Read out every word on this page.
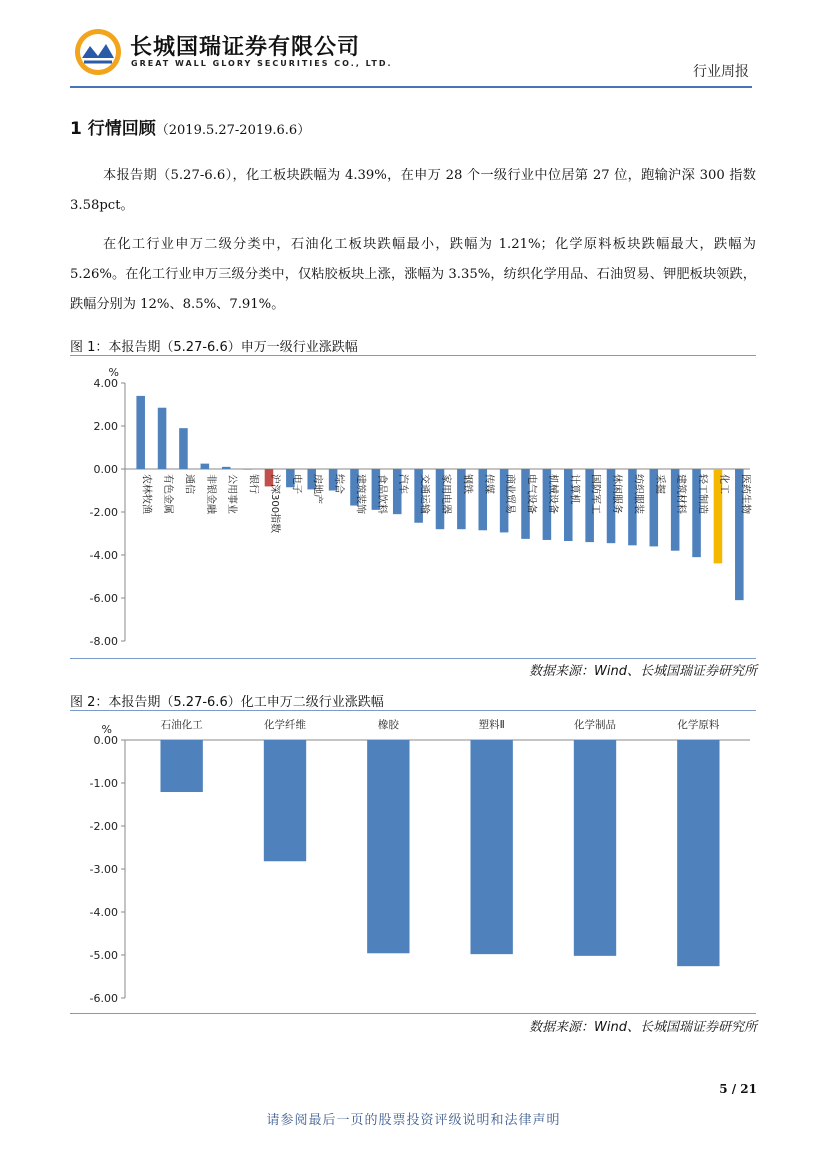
长城国瑞证券有限公司
GREAT WALL GLORY SECURITIES CO., LTD.
行业周报
1 行情回顾（2019.5.27-2019.6.6）
本报告期（5.27-6.6），化工板块跌幅为 4.39%，在申万 28 个一级行业中位居第 27 位，跑输沪深 300 指数 3.58pct。
在化工行业申万二级分类中，石油化工板块跌幅最小，跌幅为 1.21%；化学原料板块跌幅最大，跌幅为 5.26%。在化工行业申万三级分类中，仅粘胶板块上涨，涨幅为 3.35%，纺织化学用品、石油贸易、钾肥板块领跌，跌幅分别为 12%、8.5%、7.91%。
图 1：本报告期（5.27-6.6）申万一级行业涨跌幅
%
4.00
2.00
0.00
-2.00
-4.00
-6.00
-8.00
农林牧渔 有色金属 通信 非银金融 公用事业 银行 沪深300指数 电子 房地产 综合 建筑装饰 食品饮料 汽车 交通运输 家用电器 钢铁 传媒 商业贸易 电气设备 机械设备 计算机 国防军工 休闲服务 纺织服装 采掘 建筑材料 轻工制造 化工 医药生物
数据来源：Wind、长城国瑞证券研究所
图 2：本报告期（5.27-6.6）化工申万二级行业涨跌幅
%
0.00
-1.00
-2.00
-3.00
-4.00
-5.00
-6.00
石油化工	化学纤维	橡胶	塑料Ⅱ	化学制品	化学原料
数据来源：Wind、长城国瑞证券研究所
5 / 21
请参阅最后一页的股票投资评级说明和法律声明
